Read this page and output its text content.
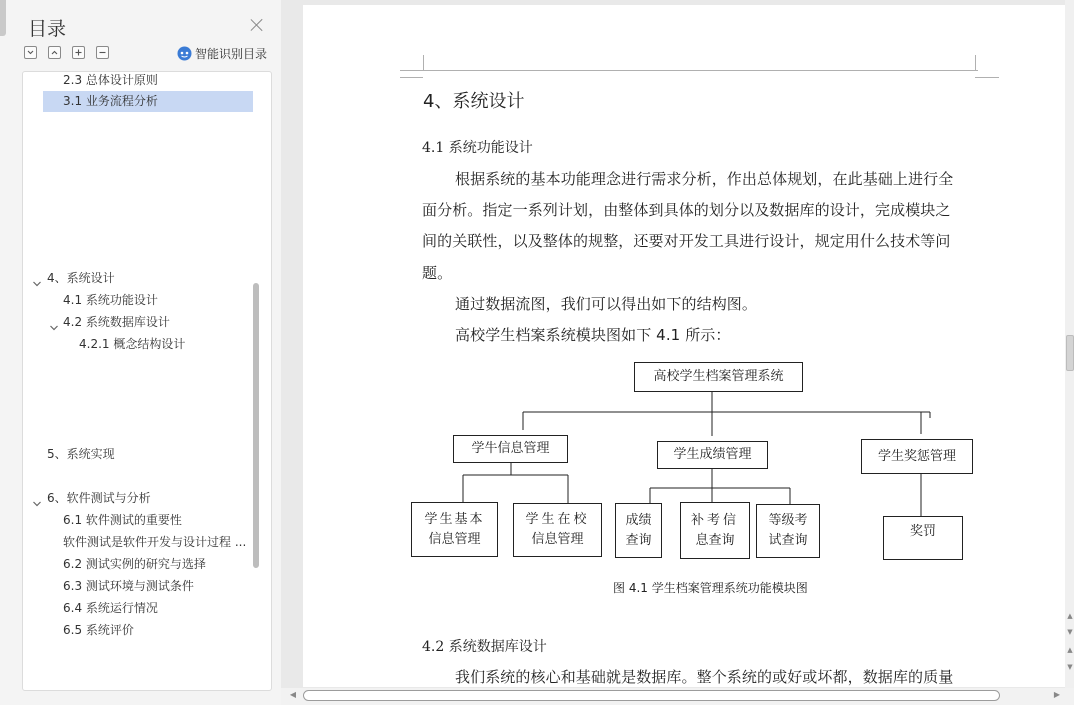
目录
智能识别目录
2.3 总体设计原则
3.1 业务流程分析
4、系统设计
4.1 系统功能设计
4.2 系统数据库设计
4.2.1 概念结构设计
5、系统实现
6、软件测试与分析
6.1 软件测试的重要性
软件测试是软件开发与设计过程 ...
6.2 测试实例的研究与选择
6.3 测试环境与测试条件
6.4 系统运行情况
6.5 系统评价
4、系统设计
4.1 系统功能设计
根据系统的基本功能理念进行需求分析，作出总体规划，在此基础上进行全
面分析。指定一系列计划，由整体到具体的划分以及数据库的设计，完成模块之
间的关联性，以及整体的规整，还要对开发工具进行设计，规定用什么技术等问
题。
通过数据流图，我们可以得出如下的结构图。
高校学生档案系统模块图如下 4.1 所示：
高校学生档案管理系统
学牛信息管理	学生成绩管理	学生奖惩管理
学生基本
信息管理
学生在校
信息管理
成绩
查询
补考信
息查询
等级考
试查询
奖罚
图 4.1 学生档案管理系统功能模块图
4.2 系统数据库设计
我们系统的核心和基础就是数据库。整个系统的或好或坏都，数据库的质量
▲
▼
▲
▼
◀	▶
